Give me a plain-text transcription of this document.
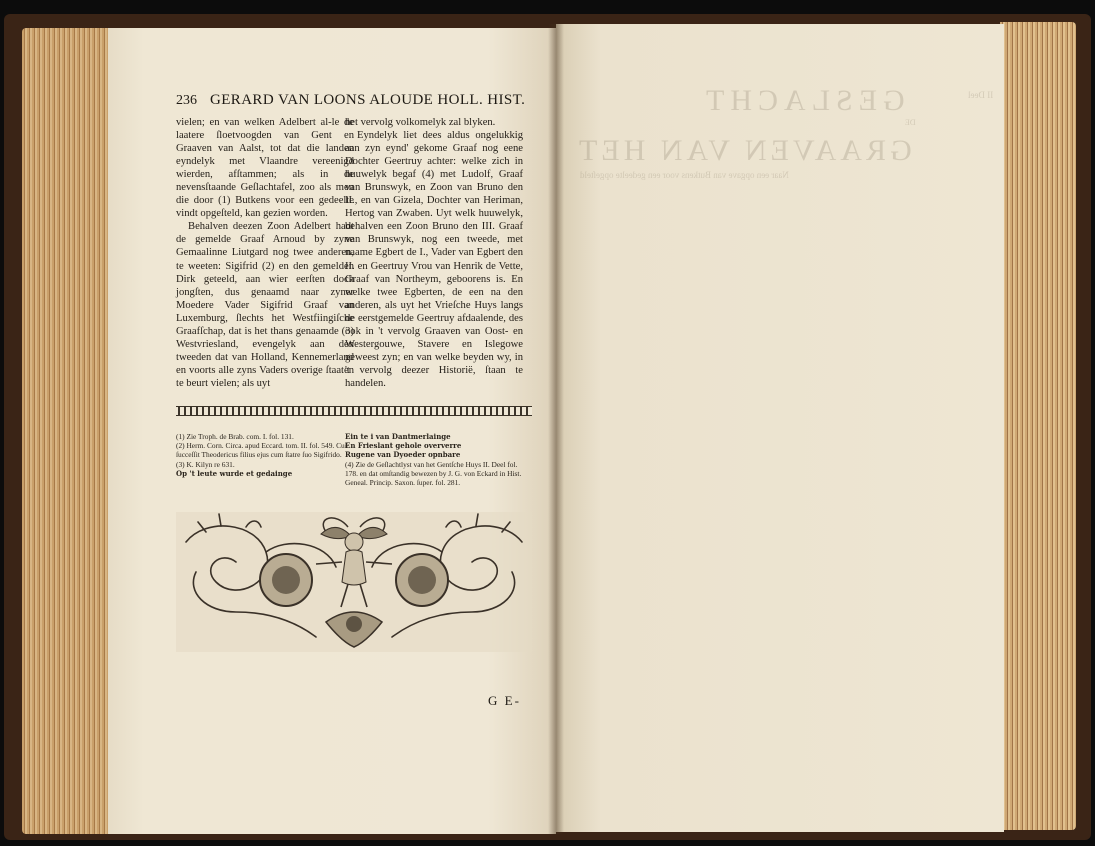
GESLACHT
DE
GRAAVEN VAN HET
Naar een opgave van Butkens voor een gedeelte opgeſteld
II Deel
236 GERARD VAN LOONS ALOUDE HOLL. HIST.

vielen; en van welken Adelbert al-le de laatere ſloetvoogden van Gent en Graaven van Aalst, tot dat die landen eyndelyk met Vlaandre vereenigd wierden, afſtammen; als in de nevensſtaande Geſlachtafel, zoo als men die door (1) Butkens voor een gedeelte vindt opgeſteld, kan gezien worden.

Behalven deezen Zoon Adelbert hadt de gemelde Graaf Arnoud by zyne Gemaalinne Liutgard nog twee anderen, te weeten: Sigifrid (2) en den gemelden Dirk geteeld, aan wier eerſten doch jongſten, dus genaamd naar zyner Moedere Vader Sigifrid Graaf van Luxemburg, ſlechts het Westfiingiſche Graafſchap, dat is het thans genaamde (3) Westvriesland, evengelyk aan den tweeden dat van Holland, Kennemerland en voorts alle zyns Vaders overige ſtaaten te beurt vielen; als uyt

het vervolg volkomelyk zal blyken.

Eyndelyk liet dees aldus ongelukkig aan zyn eynd' gekome Graaf nog eene Dochter Geertruy achter: welke zich in huuwelyk begaf (4) met Ludolf, Graaf van Brunswyk, en Zoon van Bruno den II., en van Gizela, Dochter van Heriman, Hertog van Zwaben. Uyt welk huuwelyk, behalven een Zoon Bruno den III. Graaf van Brunswyk, nog een tweede, met naame Egbert de I., Vader van Egbert den II. en Geertruy Vrou van Henrik de Vette, Graaf van Northeym, geboorens is. En welke twee Egberten, de een na den anderen, als uyt het Vrieſche Huys langs de eerstgemelde Geertruy afdaalende, des ook in 't vervolg Graaven van Oost- en Westergouwe, Stavere en Islegowe geweest zyn; en van welke beyden wy, in 't vervolg deezer Historië, ſtaan te handelen.

(1) Zie Troph. de Brab. com. I. fol. 131.
(2) Herm. Corn. Circa. apud Eccard. tom. II. fol. 549. Cui ſucceſſit Theodericus filius ejus cum ſtatre ſuo Sigifrido.
(3) K. Kilyn re 631.
Op 't leute wurde et gedainge
Ein te i van Dantmerlainge
En Frieslant gehole oververre
Rugene van Dyoeder opnbare
(4) Zie de Geſlachtlyst van het Gentſche Huys II. Deel fol. 178. en dat omſtandig bewezen by J. G. von Eckard in Hist. Geneal. Princip. Saxon. ſuper. fol. 281.
G E-
